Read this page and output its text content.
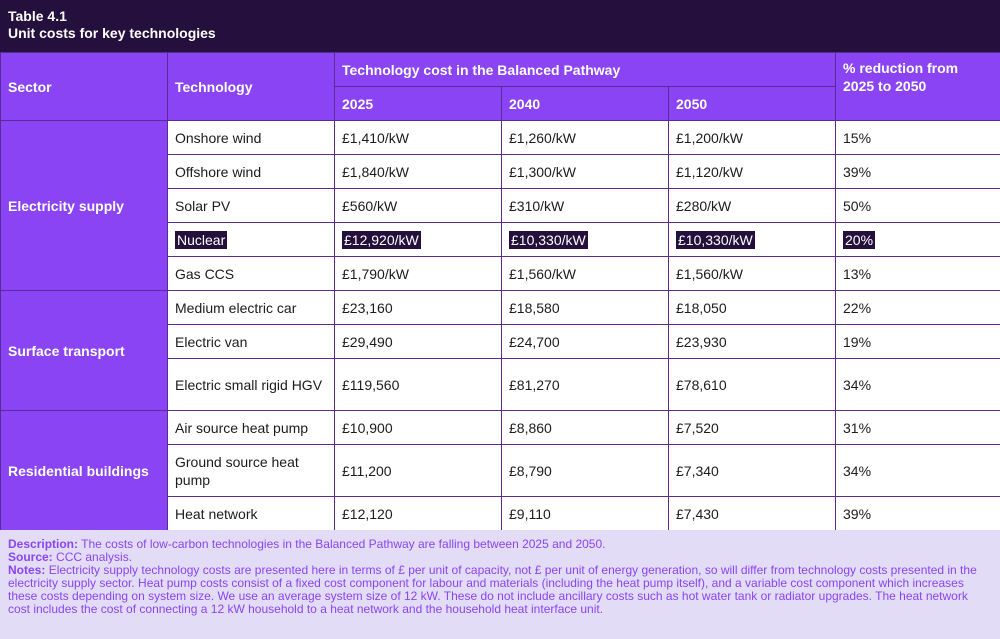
Table 4.1
Unit costs for key technologies
Sector	Technology	Technology cost in the Balanced Pathway			% reduction from 2025 to 2050
		2025	2040	2050	
Electricity supply	Onshore wind	£1,410/kW	£1,260/kW	£1,200/kW	15%
	Offshore wind	£1,840/kW	£1,300/kW	£1,120/kW	39%
	Solar PV	£560/kW	£310/kW	£280/kW	50%
	Nuclear	£12,920/kW	£10,330/kW	£10,330/kW	20%
	Gas CCS	£1,790/kW	£1,560/kW	£1,560/kW	13%
Surface transport	Medium electric car	£23,160	£18,580	£18,050	22%
	Electric van	£29,490	£24,700	£23,930	19%
	Electric small rigid HGV	£119,560	£81,270	£78,610	34%
Residential buildings	Air source heat pump	£10,900	£8,860	£7,520	31%
	Ground source heat pump	£11,200	£8,790	£7,340	34%
	Heat network	£12,120	£9,110	£7,430	39%

Description: The costs of low-carbon technologies in the Balanced Pathway are falling between 2025 and 2050.

Source: CCC analysis.

Notes: Electricity supply technology costs are presented here in terms of £ per unit of capacity, not £ per unit of energy generation, so will differ from technology costs presented in the electricity supply sector. Heat pump costs consist of a fixed cost component for labour and materials (including the heat pump itself), and a variable cost component which increases these costs depending on system size. We use an average system size of 12 kW. These do not include ancillary costs such as hot water tank or radiator upgrades. The heat network cost includes the cost of connecting a 12 kW household to a heat network and the household heat interface unit.
